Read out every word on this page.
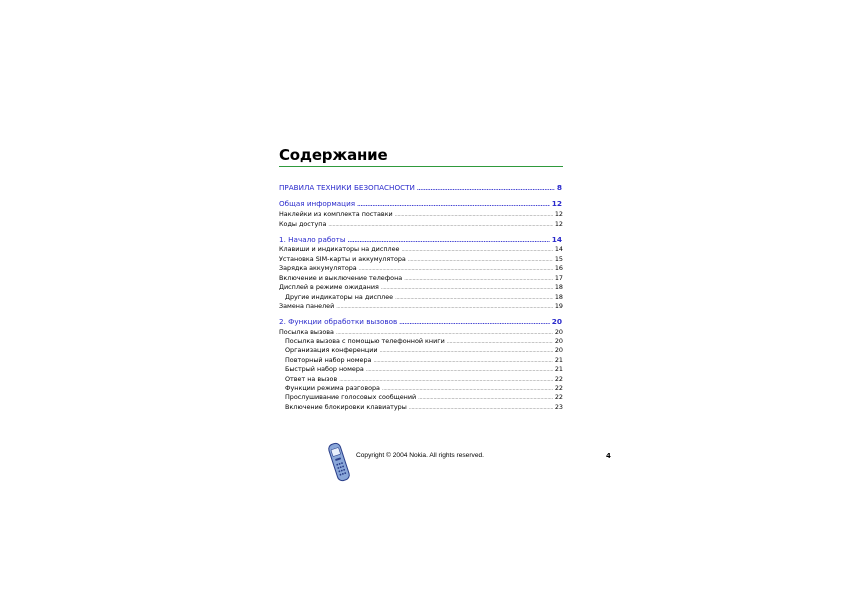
Содержание
ПРАВИЛА ТЕХНИКИ БЕЗОПАСНОСТИ .....	8
Общая информация .....	12
Наклейки из комплекта поставки .....	12
Коды доступа .....	12
1. Начало работы .....	14
Клавиши и индикаторы на дисплее .....	14
Установка SIM-карты и аккумулятора .....	15
Зарядка аккумулятора .....	16
Включение и выключение телефона .....	17
Дисплей в режиме ожидания .....	18
Другие индикаторы на дисплее .....	18
Замена панелей .....	19
2. Функции обработки вызовов .....	20
Посылка вызова .....	20
Посылка вызова с помощью телефонной книги .....	20
Организация конференции .....	20
Повторный набор номера .....	21
Быстрый набор номера .....	21
Ответ на вызов .....	22
Функции режима разговора .....	22
Прослушивание голосовых сообщений .....	22
Включение блокировки клавиатуры .....	23
Copyright © 2004 Nokia. All rights reserved.	4
